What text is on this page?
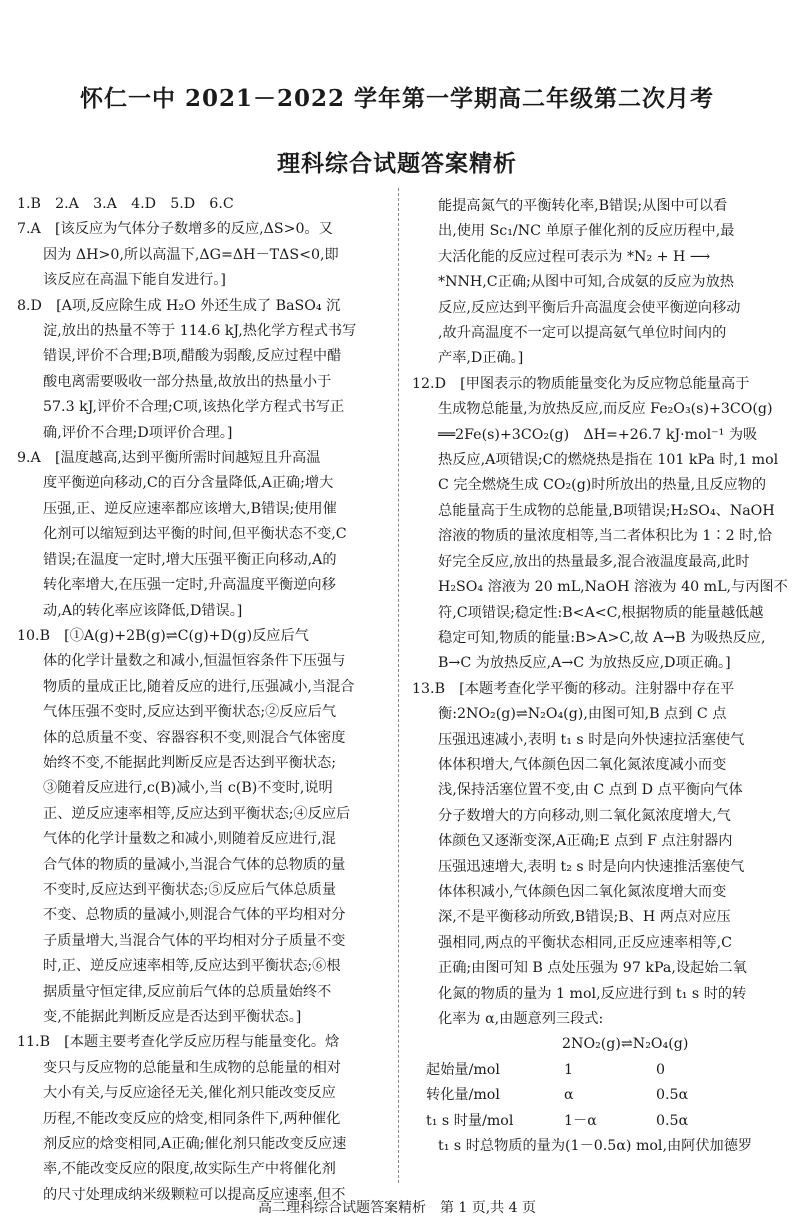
怀仁一中 2021－2022 学年第一学期高二年级第二次月考
理科综合试题答案精析
1.B　2.A　3.A　4.D　5.D　6.C
7.A　[该反应为气体分子数增多的反应,ΔS>0。又
因为 ΔH>0,所以高温下,ΔG=ΔH－TΔS<0,即
该反应在高温下能自发进行。]
8.D　[A项,反应除生成 H₂O 外还生成了 BaSO₄ 沉
淀,放出的热量不等于 114.6 kJ,热化学方程式书写
错误,评价不合理;B项,醋酸为弱酸,反应过程中醋
酸电离需要吸收一部分热量,故放出的热量小于
57.3 kJ,评价不合理;C项,该热化学方程式书写正
确,评价不合理;D项评价合理。]
9.A　[温度越高,达到平衡所需时间越短且升高温
度平衡逆向移动,C的百分含量降低,A正确;增大
压强,正、逆反应速率都应该增大,B错误;使用催
化剂可以缩短到达平衡的时间,但平衡状态不变,C
错误;在温度一定时,增大压强平衡正向移动,A的
转化率增大,在压强一定时,升高温度平衡逆向移
动,A的转化率应该降低,D错误。]
10.B　[①A(g)+2B(g)⇌C(g)+D(g)反应后气
体的化学计量数之和减小,恒温恒容条件下压强与
物质的量成正比,随着反应的进行,压强减小,当混合
气体压强不变时,反应达到平衡状态;②反应后气
体的总质量不变、容器容积不变,则混合气体密度
始终不变,不能据此判断反应是否达到平衡状态;
③随着反应进行,c(B)减小,当 c(B)不变时,说明
正、逆反应速率相等,反应达到平衡状态;④反应后
气体的化学计量数之和减小,则随着反应进行,混
合气体的物质的量减小,当混合气体的总物质的量
不变时,反应达到平衡状态;⑤反应后气体总质量
不变、总物质的量减小,则混合气体的平均相对分
子质量增大,当混合气体的平均相对分子质量不变
时,正、逆反应速率相等,反应达到平衡状态;⑥根
据质量守恒定律,反应前后气体的总质量始终不
变,不能据此判断反应是否达到平衡状态。]
11.B　[本题主要考查化学反应历程与能量变化。焓
变只与反应物的总能量和生成物的总能量的相对
大小有关,与反应途径无关,催化剂只能改变反应
历程,不能改变反应的焓变,相同条件下,两种催化
剂反应的焓变相同,A正确;催化剂只能改变反应速
率,不能改变反应的限度,故实际生产中将催化剂
的尺寸处理成纳米级颗粒可以提高反应速率,但不
能提高氮气的平衡转化率,B错误;从图中可以看
出,使用 Sc₁/NC 单原子催化剂的反应历程中,最
大活化能的反应过程可表示为 *N₂ + H ⟶
*NNH,C正确;从图中可知,合成氨的反应为放热
反应,反应达到平衡后升高温度会使平衡逆向移动
,故升高温度不一定可以提高氨气单位时间内的
产率,D正确。]
12.D　[甲图表示的物质能量变化为反应物总能量高于
生成物总能量,为放热反应,而反应 Fe₂O₃(s)+3CO(g)
══2Fe(s)+3CO₂(g)　ΔH=+26.7 kJ·mol⁻¹ 为吸
热反应,A项错误;C的燃烧热是指在 101 kPa 时,1 mol
C 完全燃烧生成 CO₂(g)时所放出的热量,且反应物的
总能量高于生成物的总能量,B项错误;H₂SO₄、NaOH
溶液的物质的量浓度相等,当二者体积比为 1∶2 时,恰
好完全反应,放出的热量最多,混合液温度最高,此时
H₂SO₄ 溶液为 20 mL,NaOH 溶液为 40 mL,与丙图不
符,C项错误;稳定性:B<A<C,根据物质的能量越低越
稳定可知,物质的能量:B>A>C,故 A→B 为吸热反应,
B→C 为放热反应,A→C 为放热反应,D项正确。]
13.B　[本题考查化学平衡的移动。注射器中存在平
衡:2NO₂(g)⇌N₂O₄(g),由图可知,B 点到 C 点
压强迅速减小,表明 t₁ s 时是向外快速拉活塞使气
体体积增大,气体颜色因二氧化氮浓度减小而变
浅,保持活塞位置不变,由 C 点到 D 点平衡向气体
分子数增大的方向移动,则二氧化氮浓度增大,气
体颜色又逐渐变深,A正确;E 点到 F 点注射器内
压强迅速增大,表明 t₂ s 时是向内快速推活塞使气
体体积减小,气体颜色因二氧化氮浓度增大而变
深,不是平衡移动所致,B错误;B、H 两点对应压
强相同,两点的平衡状态相同,正反应速率相等,C
正确;由图可知 B 点处压强为 97 kPa,设起始二氧
化氮的物质的量为 1 mol,反应进行到 t₁ s 时的转
化率为 α,由题意列三段式:
2NO₂(g)⇌N₂O₄(g)
起始量/mol	1	0
转化量/mol	α	0.5α
t₁ s 时量/mol	1－α	0.5α
t₁ s 时总物质的量为(1－0.5α) mol,由阿伏加德罗
高二理科综合试题答案精析　第 1 页,共 4 页
